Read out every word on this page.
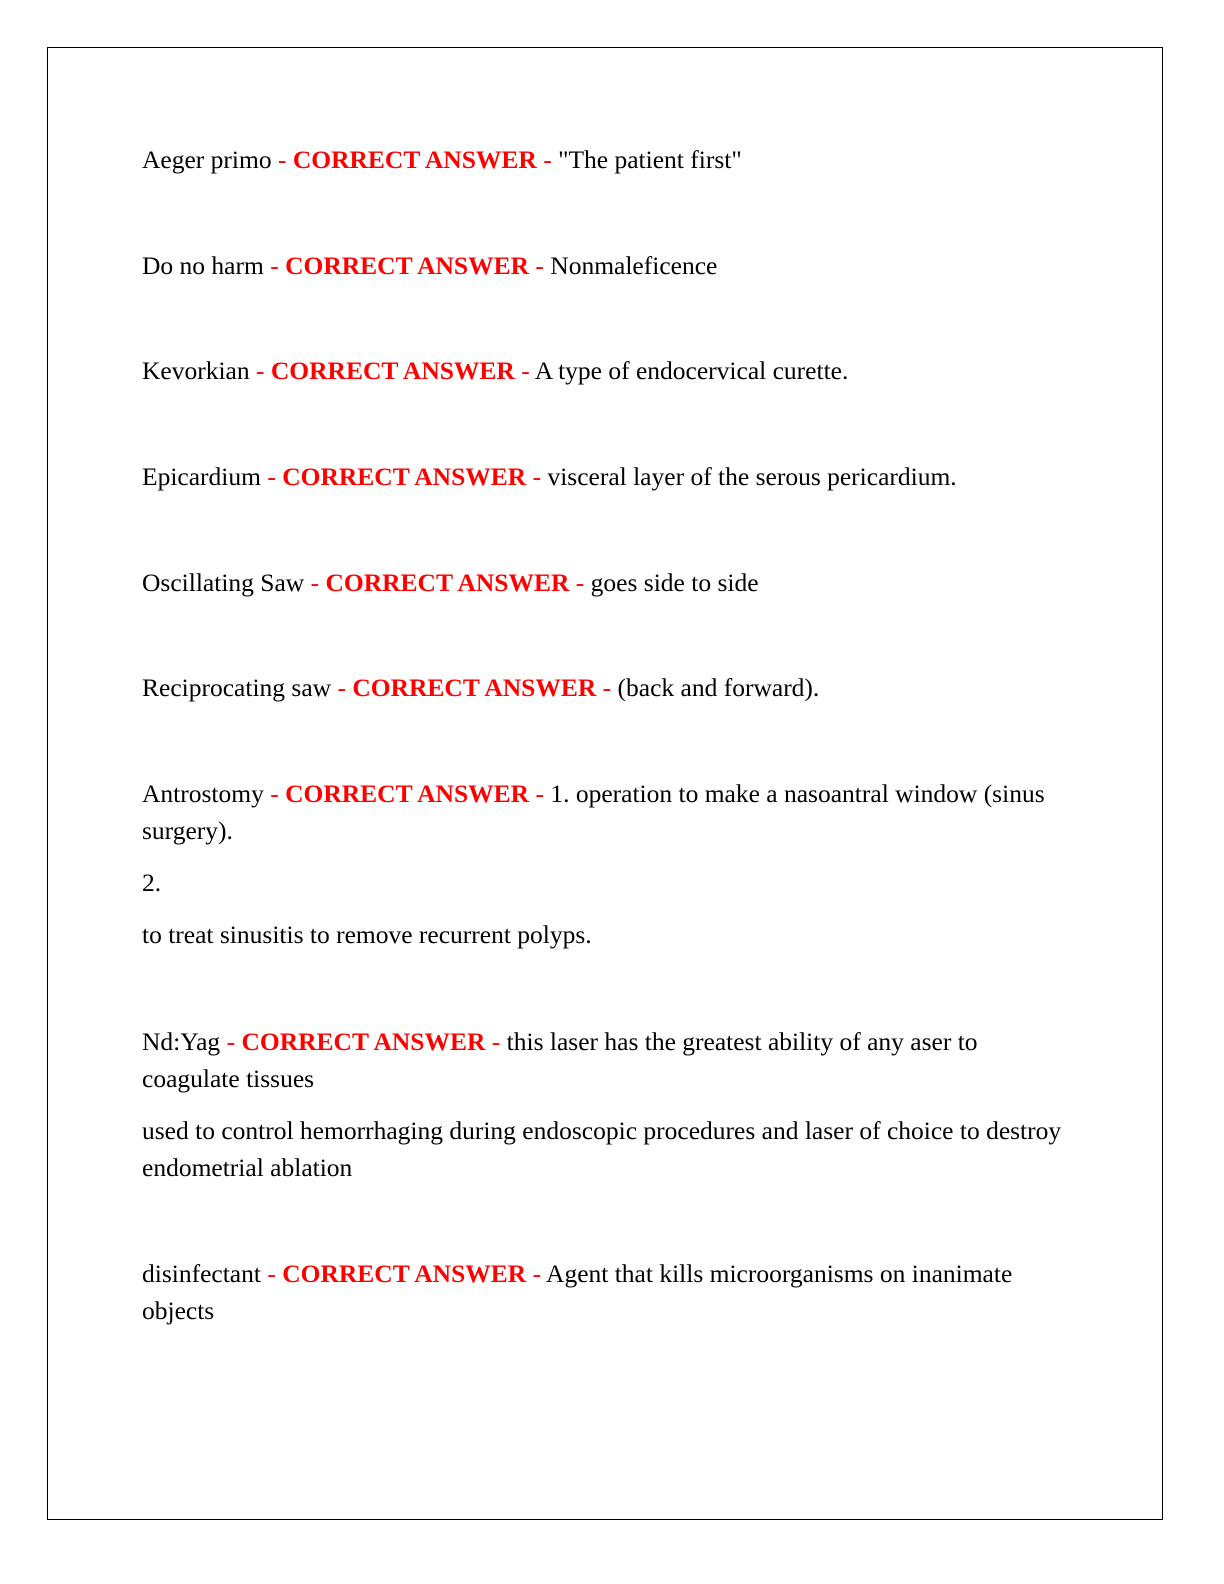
Aeger primo - CORRECT ANSWER - "The patient first"

Do no harm - CORRECT ANSWER - Nonmaleficence

Kevorkian - CORRECT ANSWER - A type of endocervical curette.

Epicardium - CORRECT ANSWER - visceral layer of the serous pericardium.

Oscillating Saw - CORRECT ANSWER - goes side to side

Reciprocating saw - CORRECT ANSWER - (back and forward).

Antrostomy - CORRECT ANSWER - 1. operation to make a nasoantral window (sinus surgery).

2.

to treat sinusitis to remove recurrent polyps.

Nd:Yag - CORRECT ANSWER - this laser has the greatest ability of any aser to coagulate tissues

used to control hemorrhaging during endoscopic procedures and laser of choice to destroy endometrial ablation

disinfectant - CORRECT ANSWER - Agent that kills microorganisms on inanimate objects
